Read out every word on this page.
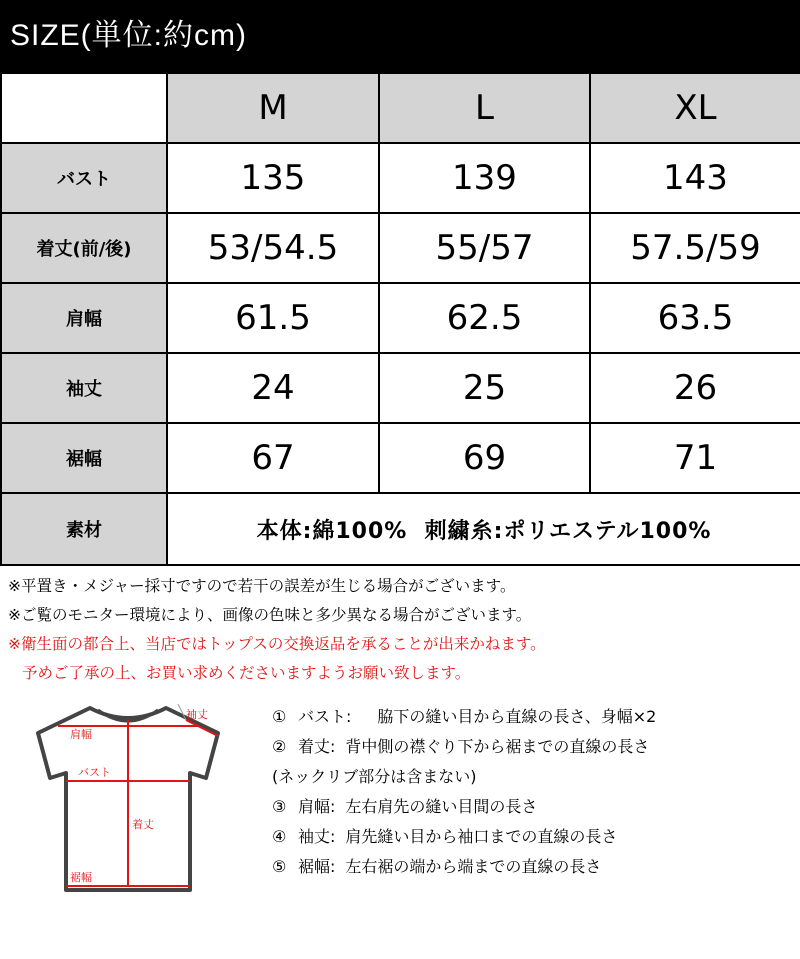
SIZE(単位:約cm)
	M	L	XL
バスト	135	139	143
着丈(前/後)	53/54.5	55/57	57.5/59
肩幅	61.5	62.5	63.5
袖丈	24	25	26
裾幅	67	69	71
素材	本体:綿100%  刺繍糸:ポリエステル100%		
※平置き・メジャー採寸ですので若干の誤差が生じる場合がございます。
※ご覧のモニター環境により、画像の色味と多少異なる場合がございます。
※衛生面の都合上、当店ではトップスの交換返品を承ることが出来かねます。
予めご了承の上、お買い求めくださいますようお願い致します。
袖丈
肩幅
バスト
着丈
裾幅
① バスト: 脇下の縫い目から直線の長さ、身幅×2
② 着丈: 背中側の襟ぐり下から裾までの直線の長さ
(ネックリブ部分は含まない)
③ 肩幅: 左右肩先の縫い目間の長さ
④ 袖丈: 肩先縫い目から袖口までの直線の長さ
⑤ 裾幅: 左右裾の端から端までの直線の長さ
